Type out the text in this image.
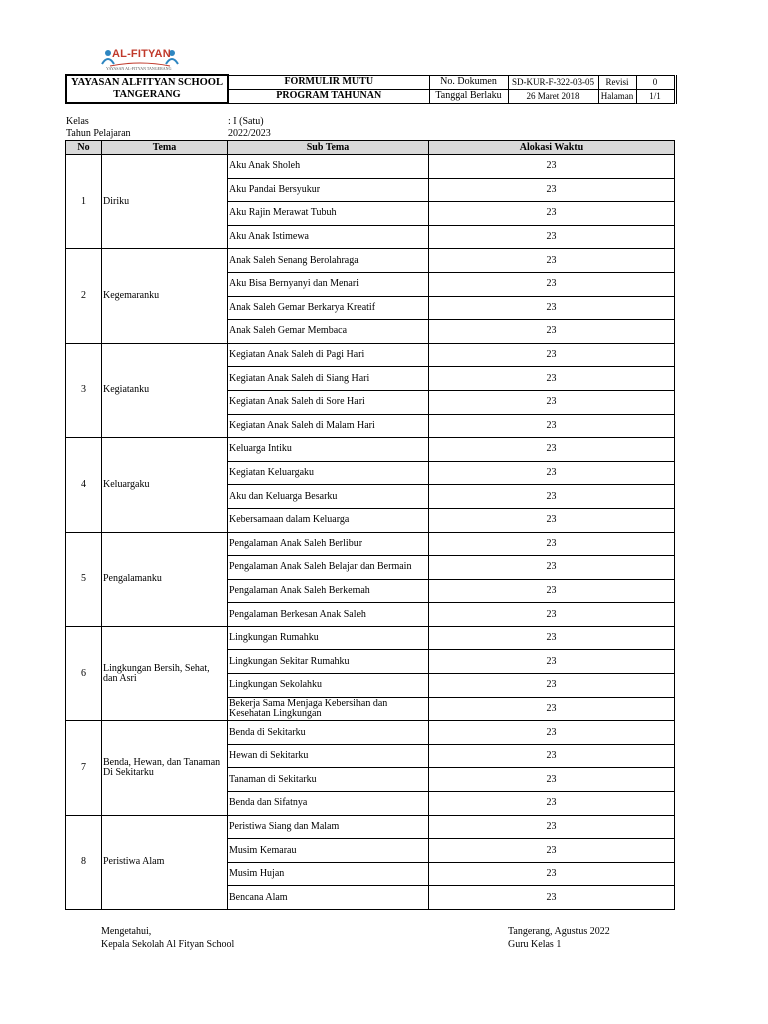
AL-FITYAN
YAYASAN AL-FITYAN TANGERANG
YAYASAN ALFITYAN SCHOOL TANGERANG	FORMULIR MUTU	No. Dokumen	SD-KUR-F-322-03-05	Revisi	0
	PROGRAM TAHUNAN	Tanggal Berlaku	26 Maret 2018	Halaman	1/1
Kelas	: I (Satu)
Tahun Pelajaran	2022/2023
No	Tema	Sub Tema	Alokasi Waktu
1	Diriku	Aku Anak Sholeh	23
		Aku Pandai Bersyukur	23
		Aku Rajin Merawat Tubuh	23
		Aku Anak Istimewa	23
2	Kegemaranku	Anak Saleh Senang Berolahraga	23
		Aku Bisa Bernyanyi dan Menari	23
		Anak Saleh Gemar Berkarya Kreatif	23
		Anak Saleh Gemar Membaca	23
3	Kegiatanku	Kegiatan Anak Saleh di Pagi Hari	23
		Kegiatan Anak Saleh di Siang Hari	23
		Kegiatan Anak Saleh di Sore Hari	23
		Kegiatan Anak Saleh di Malam Hari	23
4	Keluargaku	Keluarga Intiku	23
		Kegiatan Keluargaku	23
		Aku dan Keluarga Besarku	23
		Kebersamaan dalam Keluarga	23
5	Pengalamanku	Pengalaman Anak Saleh Berlibur	23
		Pengalaman Anak Saleh Belajar dan Bermain	23
		Pengalaman Anak Saleh Berkemah	23
		Pengalaman Berkesan Anak Saleh	23
6	Lingkungan Bersih, Sehat, dan Asri	Lingkungan Rumahku	23
		Lingkungan Sekitar Rumahku	23
		Lingkungan Sekolahku	23
		Bekerja Sama Menjaga Kebersihan dan Kesehatan Lingkungan	23
7	Benda, Hewan, dan Tanaman Di Sekitarku	Benda di Sekitarku	23
		Hewan di Sekitarku	23
		Tanaman di Sekitarku	23
		Benda dan Sifatnya	23
8	Peristiwa Alam	Peristiwa Siang dan Malam	23
		Musim Kemarau	23
		Musim Hujan	23
		Bencana Alam	23
Mengetahui,
Kepala Sekolah Al Fityan School
Tangerang, Agustus 2022
Guru Kelas 1
